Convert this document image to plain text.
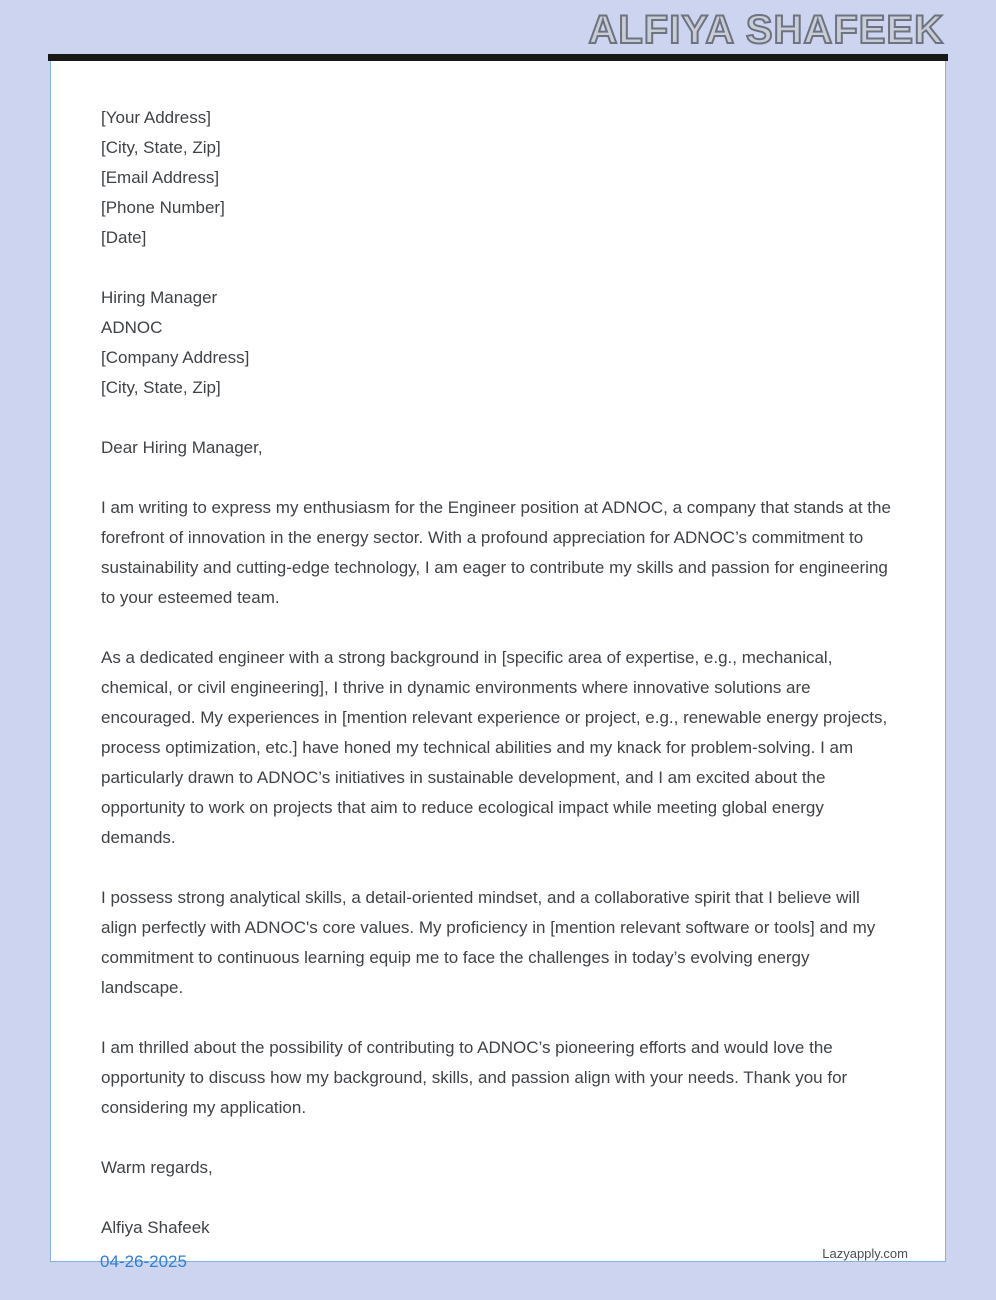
ALFIYA SHAFEEK
[Your Address]
[City, State, Zip]
[Email Address]
[Phone Number]
[Date]
Hiring Manager
ADNOC
[Company Address]
[City, State, Zip]

Dear Hiring Manager,

I am writing to express my enthusiasm for the Engineer position at ADNOC, a company that stands at the forefront of innovation in the energy sector. With a profound appreciation for ADNOC’s commitment to sustainability and cutting-edge technology, I am eager to contribute my skills and passion for engineering to your esteemed team.

As a dedicated engineer with a strong background in [specific area of expertise, e.g., mechanical, chemical, or civil engineering], I thrive in dynamic environments where innovative solutions are encouraged. My experiences in [mention relevant experience or project, e.g., renewable energy projects, process optimization, etc.] have honed my technical abilities and my knack for problem-solving. I am particularly drawn to ADNOC’s initiatives in sustainable development, and I am excited about the opportunity to work on projects that aim to reduce ecological impact while meeting global energy demands.

I possess strong analytical skills, a detail-oriented mindset, and a collaborative spirit that I believe will align perfectly with ADNOC's core values. My proficiency in [mention relevant software or tools] and my commitment to continuous learning equip me to face the challenges in today’s evolving energy landscape.

I am thrilled about the possibility of contributing to ADNOC’s pioneering efforts and would love the opportunity to discuss how my background, skills, and passion align with your needs. Thank you for considering my application.

Warm regards,

Alfiya Shafeek

04-26-2025	Lazyapply.com
